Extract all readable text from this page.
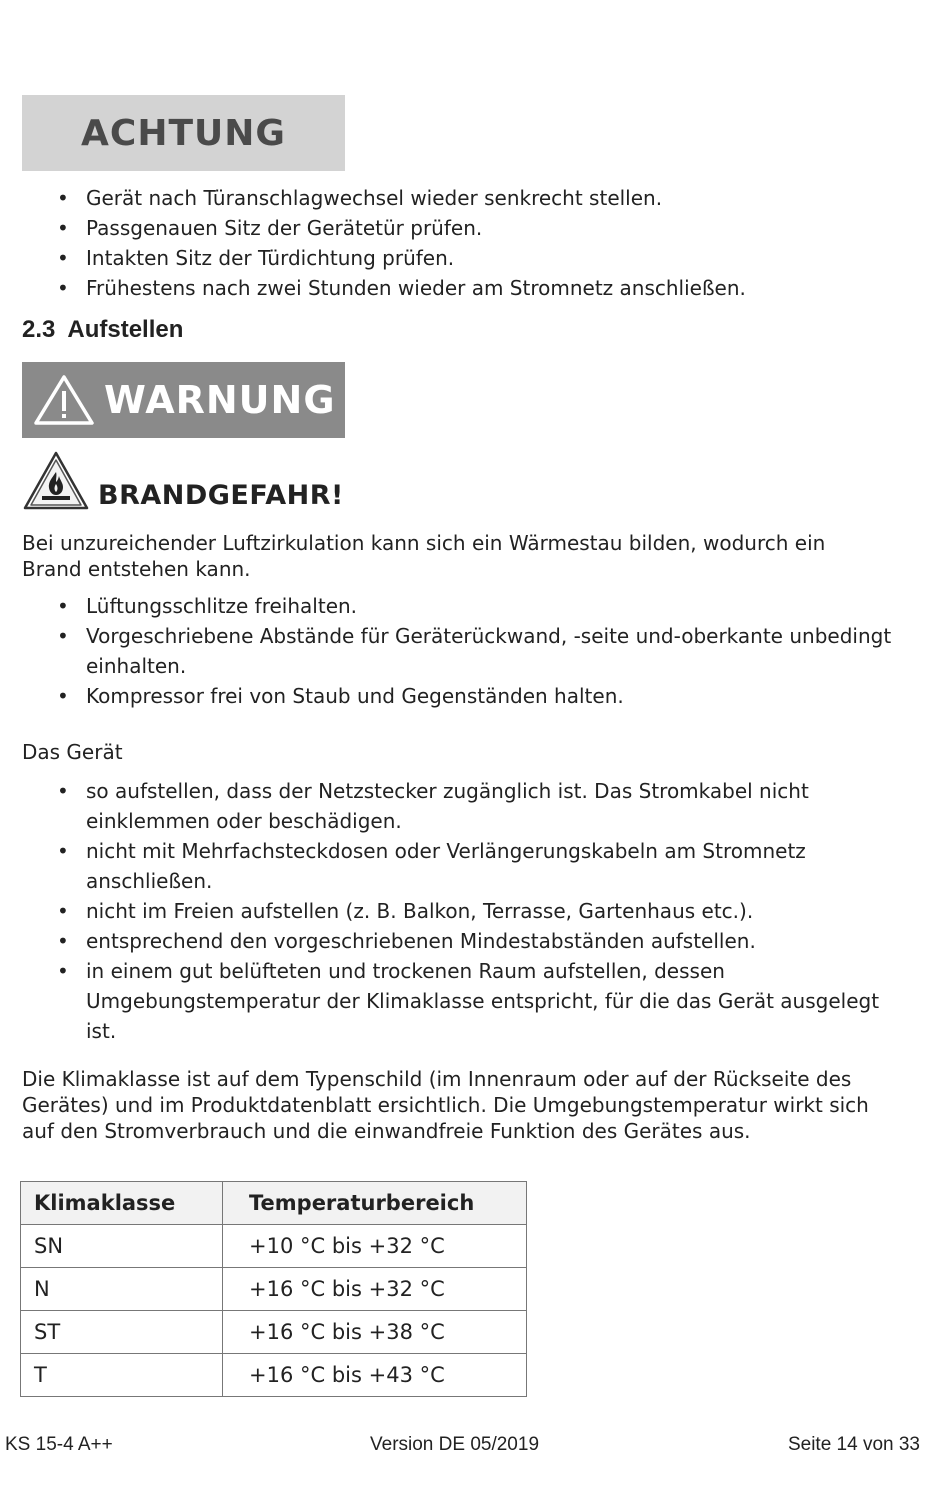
ACHTUNG
• Gerät nach Türanschlagwechsel wieder senkrecht stellen.
• Passgenauen Sitz der Gerätetür prüfen.
• Intakten Sitz der Türdichtung prüfen.
• Frühestens nach zwei Stunden wieder am Stromnetz anschließen.
2.3 Aufstellen
WARNUNG
BRANDGEFAHR!

Bei unzureichender Luftzirkulation kann sich ein Wärmestau bilden, wodurch ein Brand entstehen kann.

• Lüftungsschlitze freihalten.
• Vorgeschriebene Abstände für Geräterückwand, -seite und-oberkante unbedingt einhalten.
• Kompressor frei von Staub und Gegenständen halten.

Das Gerät

• so aufstellen, dass der Netzstecker zugänglich ist. Das Stromkabel nicht einklemmen oder beschädigen.
• nicht mit Mehrfachsteckdosen oder Verlängerungskabeln am Stromnetz anschließen.
• nicht im Freien aufstellen (z. B. Balkon, Terrasse, Gartenhaus etc.).
• entsprechend den vorgeschriebenen Mindestabständen aufstellen.
• in einem gut belüfteten und trockenen Raum aufstellen, dessen Umgebungstemperatur der Klimaklasse entspricht, für die das Gerät ausgelegt ist.

Die Klimaklasse ist auf dem Typenschild (im Innenraum oder auf der Rückseite des Gerätes) und im Produktdatenblatt ersichtlich. Die Umgebungstemperatur wirkt sich auf den Stromverbrauch und die einwandfreie Funktion des Gerätes aus.

Klimaklasse	Temperaturbereich
SN	+10 °C bis +32 °C
N	+16 °C bis +32 °C
ST	+16 °C bis +38 °C
T	+16 °C bis +43 °C
KS 15-4 A++	Version DE 05/2019	Seite 14 von 33
